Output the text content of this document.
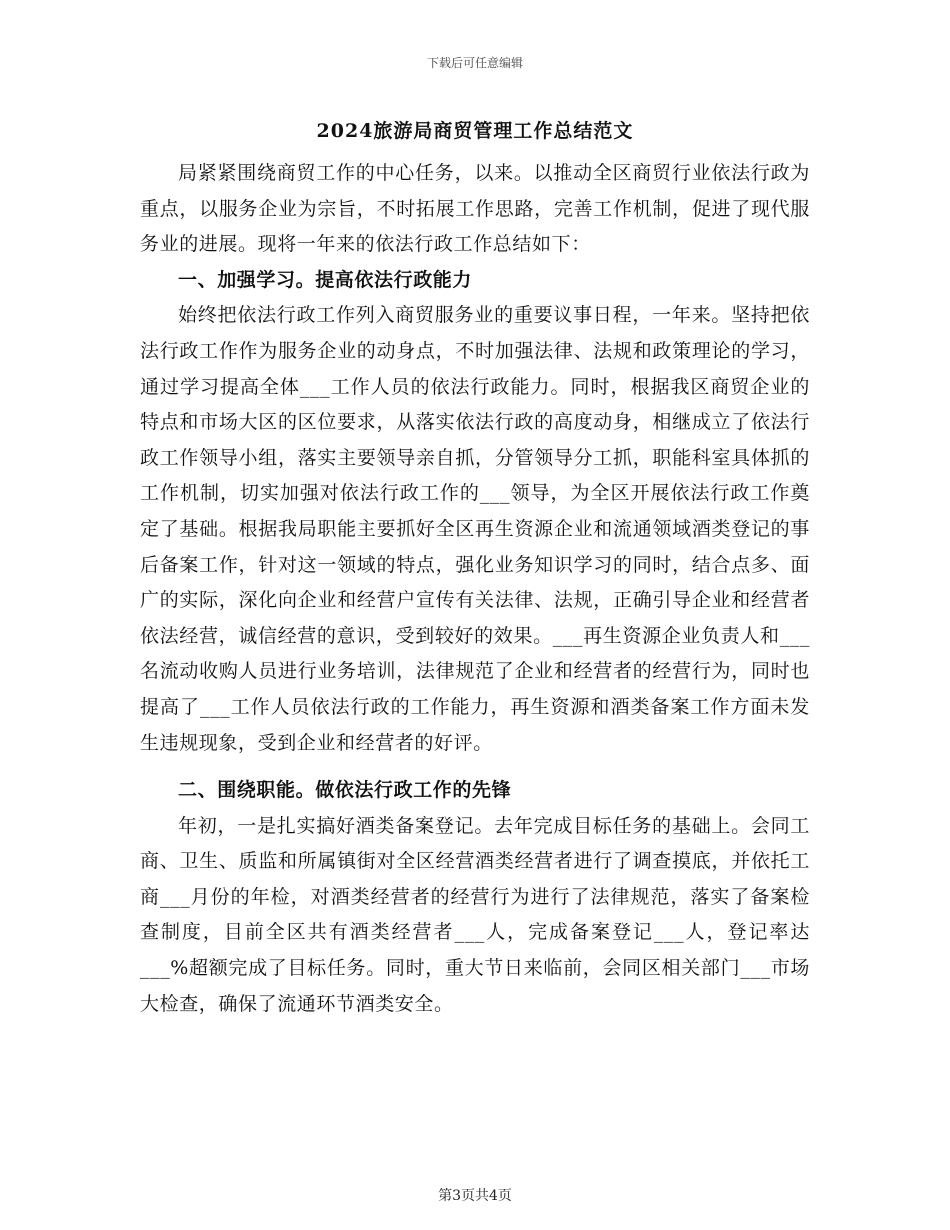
下载后可任意编辑
2024旅游局商贸管理工作总结范文

局紧紧围绕商贸工作的中心任务，以来。以推动全区商贸行业依法行政为重点，以服务企业为宗旨，不时拓展工作思路，完善工作机制，促进了现代服务业的进展。现将一年来的依法行政工作总结如下：

一、加强学习。提高依法行政能力

始终把依法行政工作列入商贸服务业的重要议事日程，一年来。坚持把依法行政工作作为服务企业的动身点，不时加强法律、法规和政策理论的学习，通过学习提高全体___工作人员的依法行政能力。同时，根据我区商贸企业的特点和市场大区的区位要求，从落实依法行政的高度动身，相继成立了依法行政工作领导小组，落实主要领导亲自抓，分管领导分工抓，职能科室具体抓的工作机制，切实加强对依法行政工作的___领导，为全区开展依法行政工作奠定了基础。根据我局职能主要抓好全区再生资源企业和流通领域酒类登记的事后备案工作，针对这一领域的特点，强化业务知识学习的同时，结合点多、面广的实际，深化向企业和经营户宣传有关法律、法规，正确引导企业和经营者依法经营，诚信经营的意识，受到较好的效果。___再生资源企业负责人和___名流动收购人员进行业务培训，法律规范了企业和经营者的经营行为，同时也提高了___工作人员依法行政的工作能力，再生资源和酒类备案工作方面未发生违规现象，受到企业和经营者的好评。

二、围绕职能。做依法行政工作的先锋

年初，一是扎实搞好酒类备案登记。去年完成目标任务的基础上。会同工商、卫生、质监和所属镇街对全区经营酒类经营者进行了调查摸底，并依托工商___月份的年检，对酒类经营者的经营行为进行了法律规范，落实了备案检查制度，目前全区共有酒类经营者___人，完成备案登记___人，登记率达___%超额完成了目标任务。同时，重大节日来临前，会同区相关部门___市场大检查，确保了流通环节酒类安全。

第3页共4页
